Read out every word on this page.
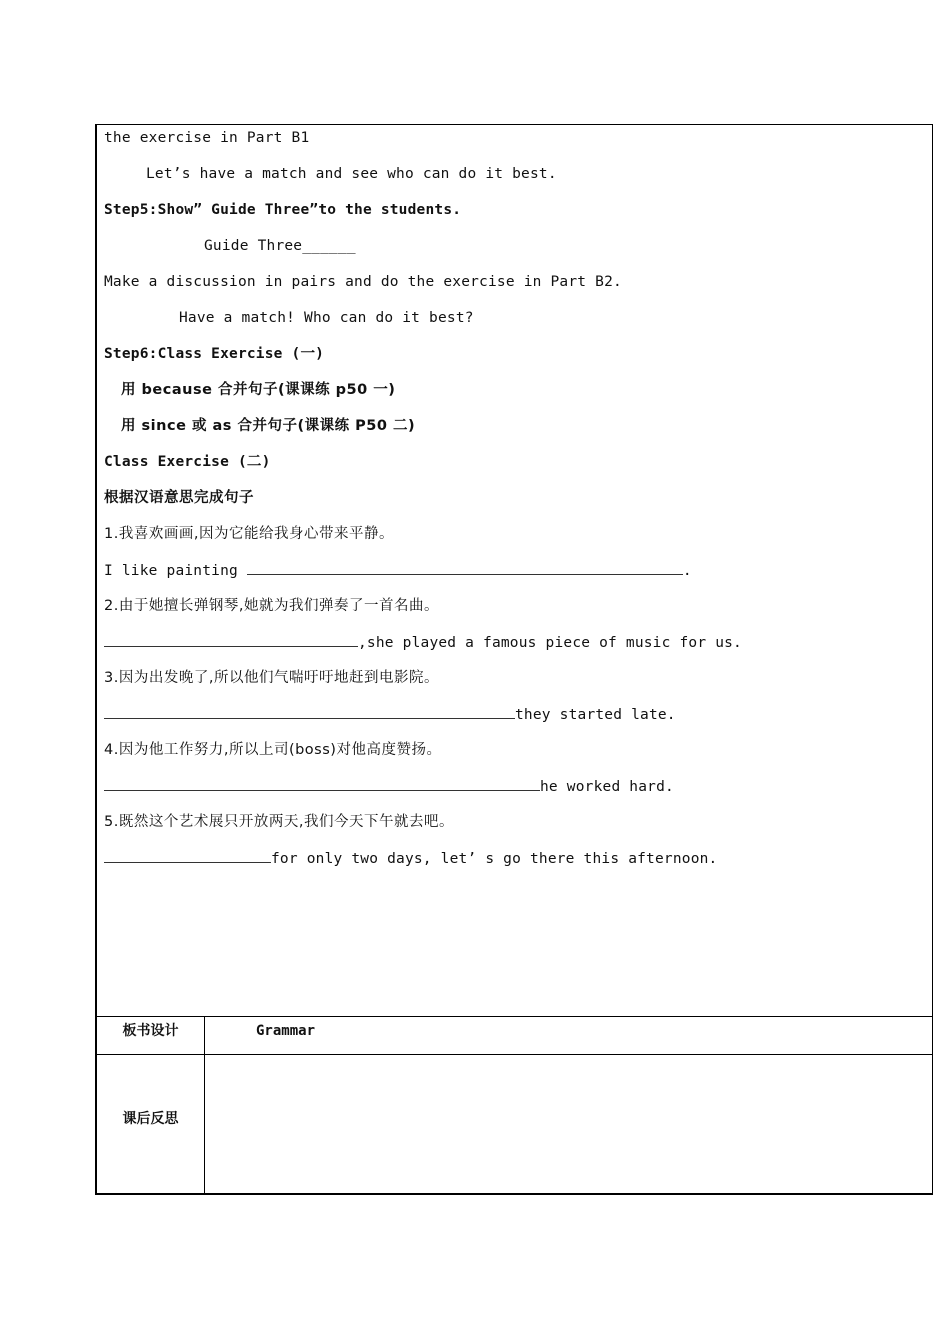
the exercise in Part B1
Let’s have a match and see who can do it best.
Step5:Show” Guide Three”to the students.
Guide Three______
Make a discussion in pairs and do the exercise in Part B2.
Have a match! Who can do it best?
Step6:Class Exercise (一)
用 because 合并句子(课课练 p50 一)
用 since 或 as 合并句子(课课练 P50 二)
Class Exercise (二)
根据汉语意思完成句子
1.我喜欢画画,因为它能给我身心带来平静。
I like painting	.
2.由于她擅长弹钢琴,她就为我们弹奏了一首名曲。
,she played a famous piece of music for us.
3.因为出发晚了,所以他们气喘吁吁地赶到电影院。
they started late.
4.因为他工作努力,所以上司(boss)对他高度赞扬。
he worked hard.
5.既然这个艺术展只开放两天,我们今天下午就去吧。
for only two days, let’ s go there this afternoon.
板书设计	Grammar
课后反思
